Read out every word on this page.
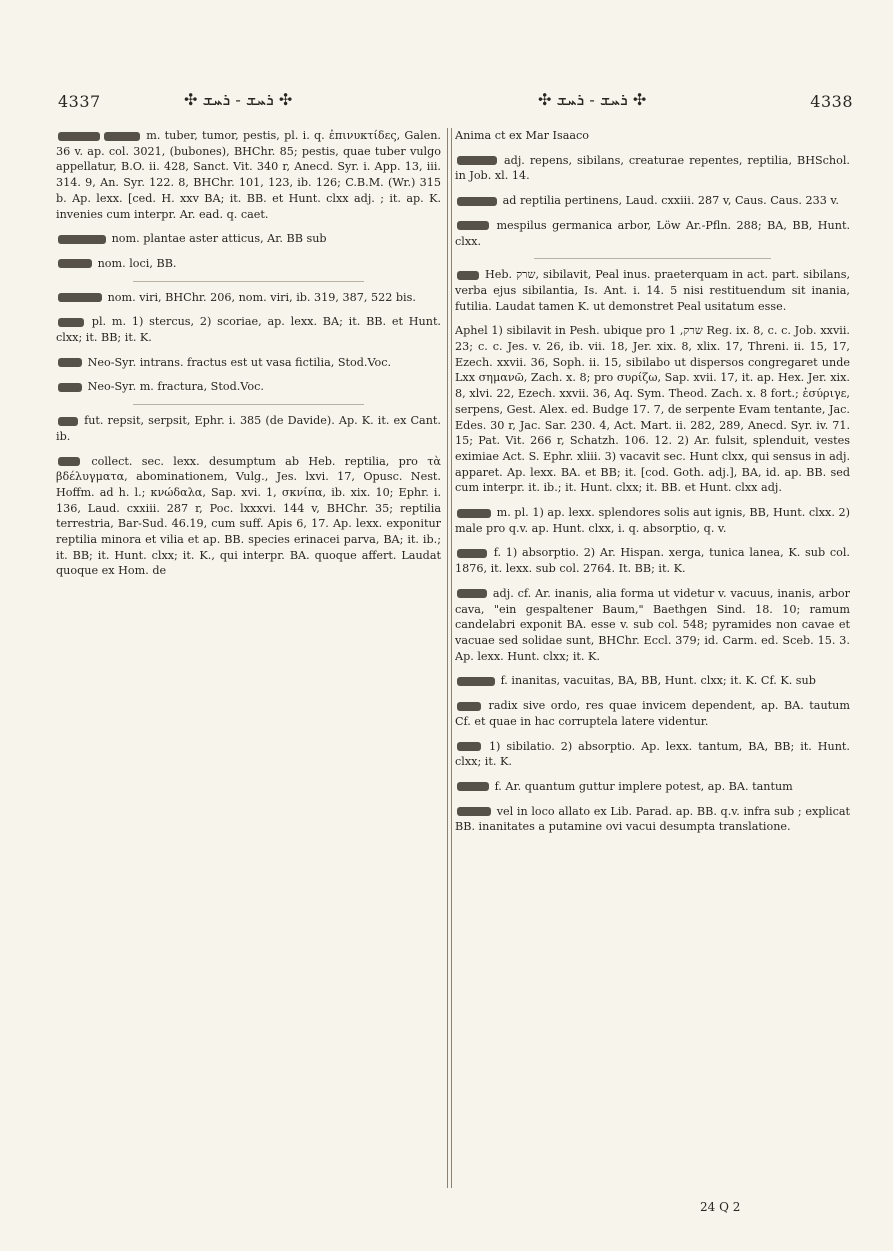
4337	✣ ܪܚܫ - ܪܚܫ ✣	✣ ܪܚܫ - ܪܚܫ ✣	4338
m. tuber, tumor, pestis, pl. i. q. ἐπινυκτίδες, Galen. 36 v. ap. col. 3021, (bubones), BHChr. 85; pestis, quae tuber vulgo appellatur, B.O. ii. 428, Sanct. Vit. 340 r, Anecd. Syr. i. App. 13, iii. 314. 9, An. Syr. 122. 8, BHChr. 101, 123, ib. 126; C.B.M. (Wr.) 315 b. Ap. lexx. [ced. H. xxv BA; it. BB. et Hunt. clxx adj. ; it. ap. K. invenies cum interpr. Ar. ead. q. caet.
nom. plantae aster atticus, Ar. BB sub
nom. loci, BB.
nom. viri, BHChr. 206, nom. viri, ib. 319, 387, 522 bis.
pl. m. 1) stercus, 2) scoriae, ap. lexx. BA; it. BB. et Hunt. clxx; it. BB; it. K.
Neo-Syr. intrans. fractus est ut vasa fictilia, Stod.Voc.
Neo-Syr. m. fractura, Stod.Voc.
fut. repsit, serpsit, Ephr. i. 385 (de Davide). Ap. K. it. ex Cant. ib.
collect. sec. lexx. desumptum ab Heb. reptilia, pro τὰ βδέλυγματα, abominationem, Vulg., Jes. lxvi. 17, Opusc. Nest. Hoffm. ad h. l.; κνώδαλα, Sap. xvi. 1, σκνίπα, ib. xix. 10; Ephr. i. 136, Laud. cxxiii. 287 r, Poc. lxxxvi. 144 v, BHChr. 35; reptilia terrestria, Bar-Sud. 46.19, cum suff. Apis 6, 17. Ap. lexx. exponitur reptilia minora et vilia et ap. BB. species erinacei parva, BA; it. ib.; it. BB; it. Hunt. clxx; it. K., qui interpr. BA. quoque affert. Laudat quoque ex Hom. de
Anima ct ex Mar Isaaco
adj. repens, sibilans, creaturae repentes, reptilia, BHSchol. in Job. xl. 14.
ad reptilia pertinens, Laud. cxxiii. 287 v, Caus. Caus. 233 v.
mespilus germanica arbor, Löw Ar.-Pfln. 288; BA, BB, Hunt. clxx.
Heb. שרק, sibilavit, Peal inus. praeterquam in act. part. sibilans, verba ejus sibilantia, Is. Ant. i. 14. 5 nisi restituendum sit inania, futilia. Laudat tamen K. ut demonstret Peal usitatum esse.
Aphel 1) sibilavit in Pesh. ubique pro שרק, 1 Reg. ix. 8, c. c. Job. xxvii. 23; c. c. Jes. v. 26, ib. vii. 18, Jer. xix. 8, xlix. 17, Threni. ii. 15, 17, Ezech. xxvii. 36, Soph. ii. 15, sibilabo ut dispersos congregaret unde Lxx σημανῶ, Zach. x. 8; pro συρίζω, Sap. xvii. 17, it. ap. Hex. Jer. xix. 8, xlvi. 22, Ezech. xxvii. 36, Aq. Sym. Theod. Zach. x. 8 fort.; ἐσύριγε, serpens, Gest. Alex. ed. Budge 17. 7, de serpente Evam tentante, Jac. Edes. 30 r, Jac. Sar. 230. 4, Act. Mart. ii. 282, 289, Anecd. Syr. iv. 71. 15; Pat. Vit. 266 r, Schatzh. 106. 12. 2) Ar. fulsit, splenduit, vestes eximiae Act. S. Ephr. xliii. 3) vacavit sec. Hunt clxx, qui sensus in adj. apparet. Ap. lexx. BA. et BB; it. [cod. Goth. adj.], BA, id. ap. BB. sed cum interpr. it. ib.; it. Hunt. clxx; it. BB. et Hunt. clxx adj.
m. pl. 1) ap. lexx. splendores solis aut ignis, BB, Hunt. clxx. 2) male pro q.v. ap. Hunt. clxx, i. q. absorptio, q. v.
f. 1) absorptio. 2) Ar. Hispan. xerga, tunica lanea, K. sub col. 1876, it. lexx. sub col. 2764. It. BB; it. K.
adj. cf. Ar. inanis, alia forma ut videtur v. vacuus, inanis, arbor cava, "ein gespaltener Baum," Baethgen Sind. 18. 10; ramum candelabri exponit BA. esse v. sub col. 548; pyramides non cavae et vacuae sed solidae sunt, BHChr. Eccl. 379; id. Carm. ed. Sceb. 15. 3. Ap. lexx. Hunt. clxx; it. K.
f. inanitas, vacuitas, BA, BB, Hunt. clxx; it. K. Cf. K. sub
radix sive ordo, res quae invicem dependent, ap. BA. tautum Cf. et quae in hac corruptela latere videntur.
1) sibilatio. 2) absorptio. Ap. lexx. tantum, BA, BB; it. Hunt. clxx; it. K.
f. Ar. quantum guttur implere potest, ap. BA. tantum
vel in loco allato ex Lib. Parad. ap. BB. q.v. infra sub ; explicat BB. inanitates a putamine ovi vacui desumpta translatione.
24 Q 2
